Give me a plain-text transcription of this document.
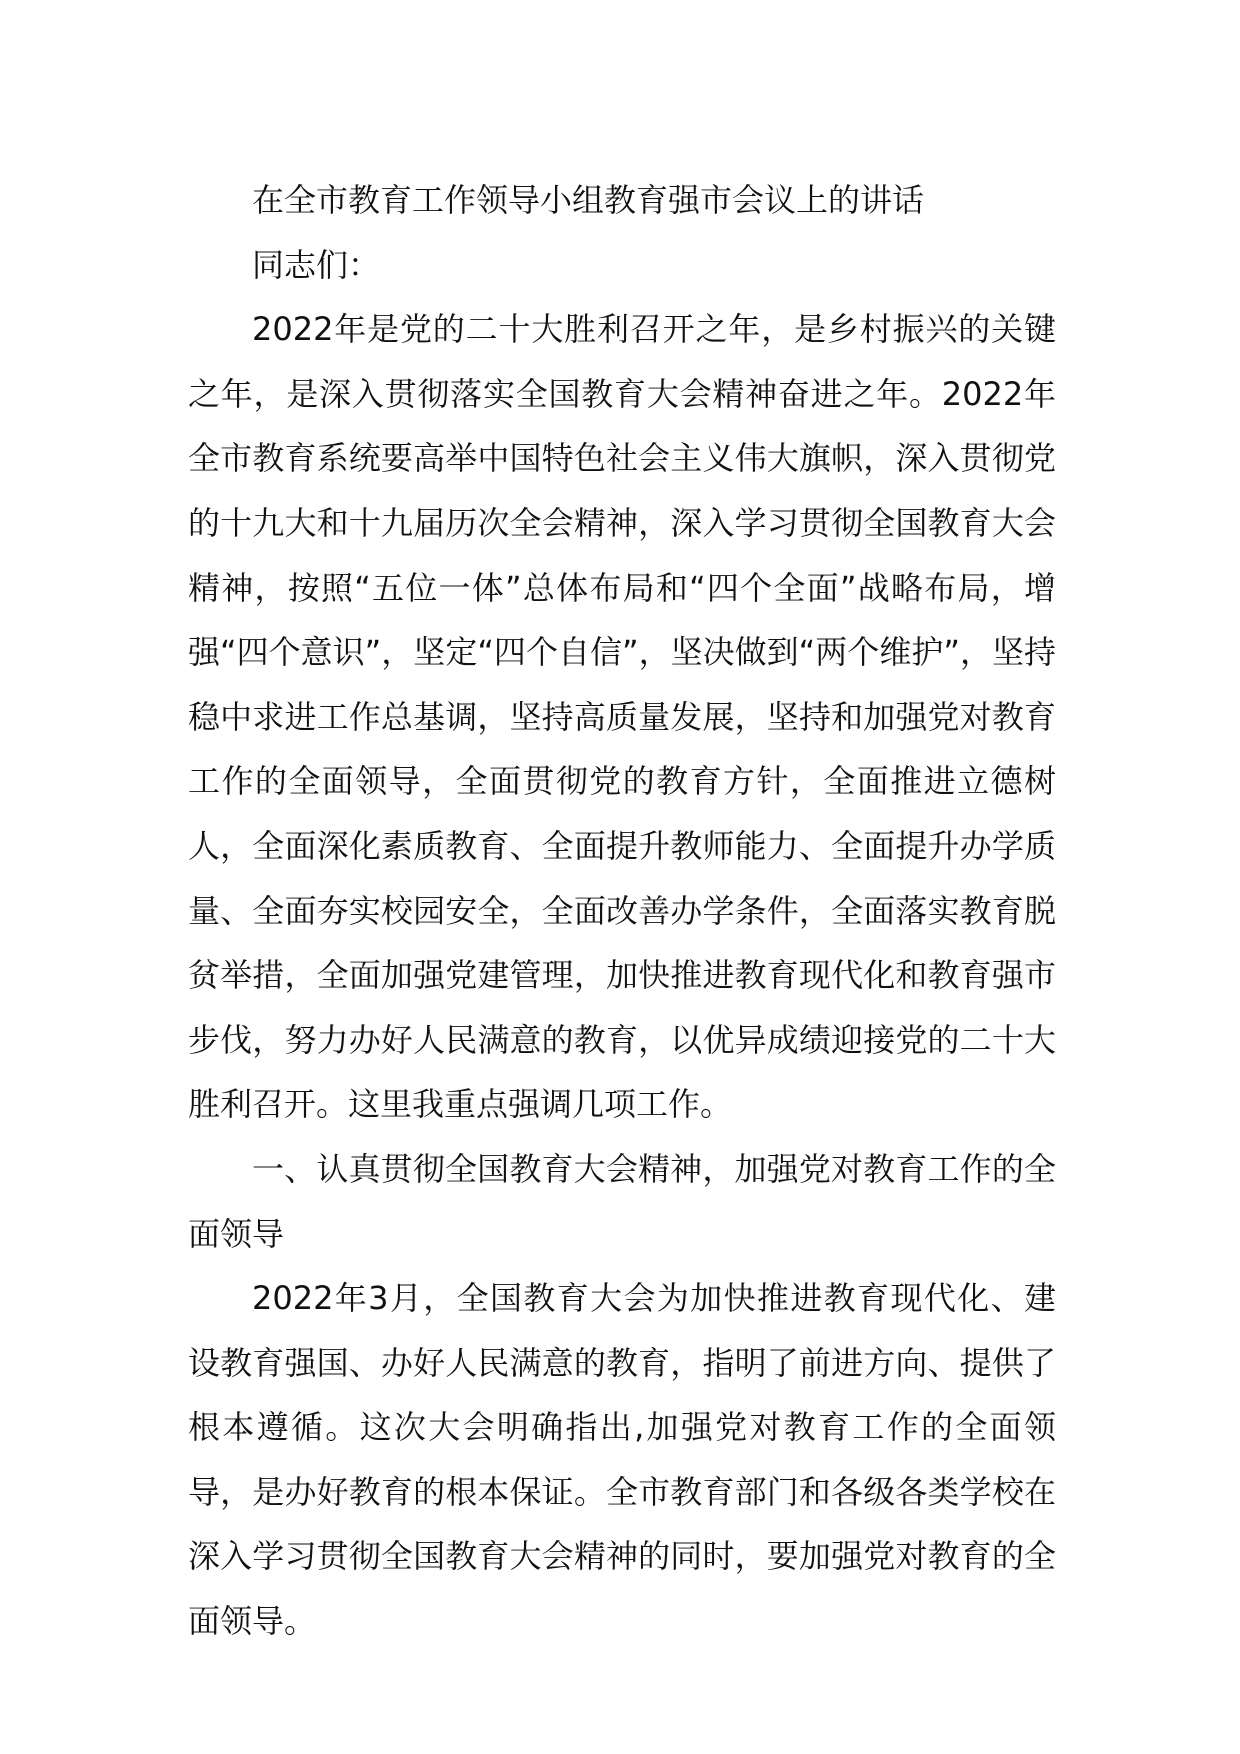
在全市教育工作领导小组教育强市会议上的讲话

同志们：

2022年是党的二十大胜利召开之年，是乡村振兴的关键之年，是深入贯彻落实全国教育大会精神奋进之年。2022年全市教育系统要高举中国特色社会主义伟大旗帜，深入贯彻党的十九大和十九届历次全会精神，深入学习贯彻全国教育大会精神，按照“五位一体”总体布局和“四个全面”战略布局，增强“四个意识”，坚定“四个自信”，坚决做到“两个维护”，坚持稳中求进工作总基调，坚持高质量发展，坚持和加强党对教育工作的全面领导，全面贯彻党的教育方针，全面推进立德树人，全面深化素质教育、全面提升教师能力、全面提升办学质量、全面夯实校园安全，全面改善办学条件，全面落实教育脱贫举措，全面加强党建管理，加快推进教育现代化和教育强市步伐，努力办好人民满意的教育，以优异成绩迎接党的二十大胜利召开。这里我重点强调几项工作。

一、认真贯彻全国教育大会精神，加强党对教育工作的全面领导

2022年3月，全国教育大会为加快推进教育现代化、建设教育强国、办好人民满意的教育，指明了前进方向、提供了根本遵循。这次大会明确指出,加强党对教育工作的全面领导，是办好教育的根本保证。全市教育部门和各级各类学校在深入学习贯彻全国教育大会精神的同时，要加强党对教育的全面领导。
